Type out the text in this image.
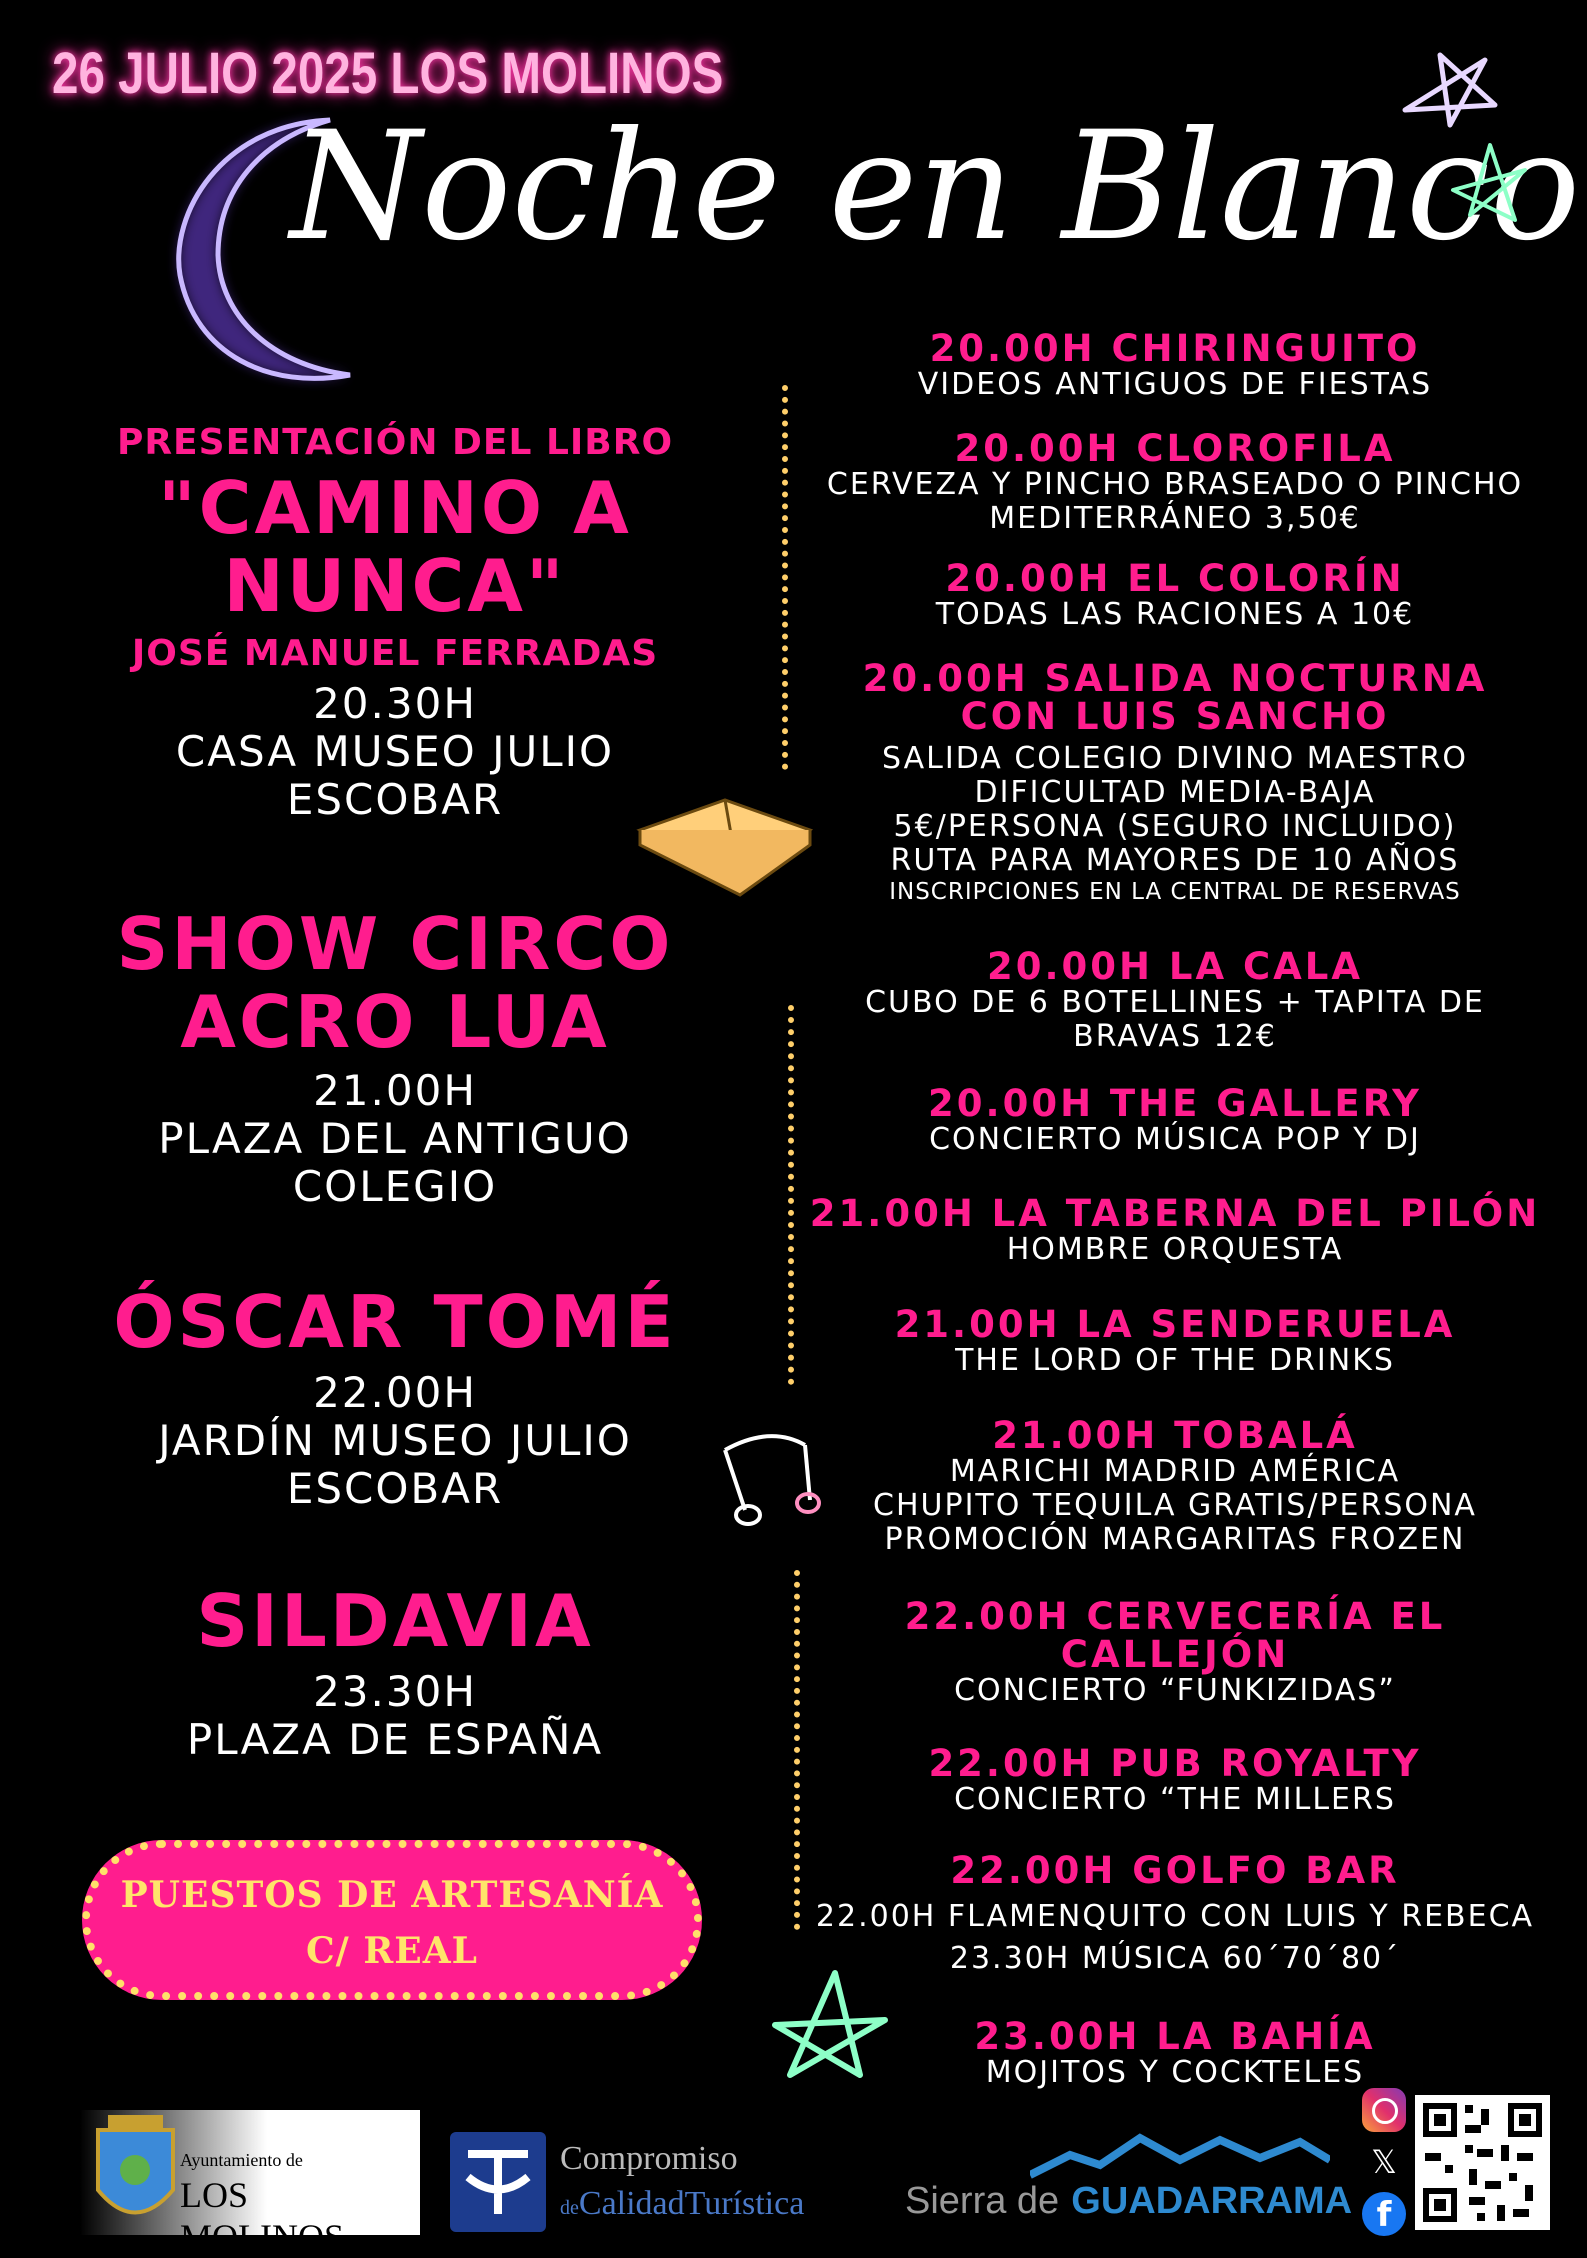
26 JULIO 2025 LOS MOLINOS
Noche en Blanco
PRESENTACIÓN DEL LIBRO
"CAMINO A
NUNCA"
JOSÉ MANUEL FERRADAS
20.30H
CASA MUSEO JULIO
ESCOBAR
SHOW CIRCO
ACRO LUA
21.00H
PLAZA DEL ANTIGUO
COLEGIO
ÓSCAR TOMÉ
22.00H
JARDÍN MUSEO JULIO
ESCOBAR
SILDAVIA
23.30H
PLAZA DE ESPAÑA
PUESTOS DE ARTESANÍA
C/ REAL
20.00H CHIRINGUITO
VIDEOS ANTIGUOS DE FIESTAS
20.00H CLOROFILA
CERVEZA Y PINCHO BRASEADO O PINCHO
MEDITERRÁNEO 3,50€
20.00H EL COLORÍN
TODAS LAS RACIONES A 10€
20.00H SALIDA NOCTURNA
CON LUIS SANCHO
SALIDA COLEGIO DIVINO MAESTRO
DIFICULTAD MEDIA-BAJA
5€/PERSONA (SEGURO INCLUIDO)
RUTA PARA MAYORES DE 10 AÑOS
INSCRIPCIONES EN LA CENTRAL DE RESERVAS
20.00H LA CALA
CUBO DE 6 BOTELLINES + TAPITA DE
BRAVAS 12€
20.00H THE GALLERY
CONCIERTO MÚSICA POP Y DJ
21.00H LA TABERNA DEL PILÓN
HOMBRE ORQUESTA
21.00H LA SENDERUELA
THE LORD OF THE DRINKS
21.00H TOBALÁ
MARICHI MADRID AMÉRICA
CHUPITO TEQUILA GRATIS/PERSONA
PROMOCIÓN MARGARITAS FROZEN
22.00H CERVECERÍA EL
CALLEJÓN
CONCIERTO “FUNKIZIDAS”
22.00H PUB ROYALTY
CONCIERTO “THE MILLERS
22.00H GOLFO BAR
22.00H FLAMENQUITO CON LUIS Y REBECA
23.30H MÚSICA 60´70´80´
23.00H LA BAHÍA
MOJITOS Y COCKTELES
Ayuntamiento de
LOS MOLINOS
Compromiso
deCalidadTurística	Sierra de GUADARRAMA
𝕏
f
